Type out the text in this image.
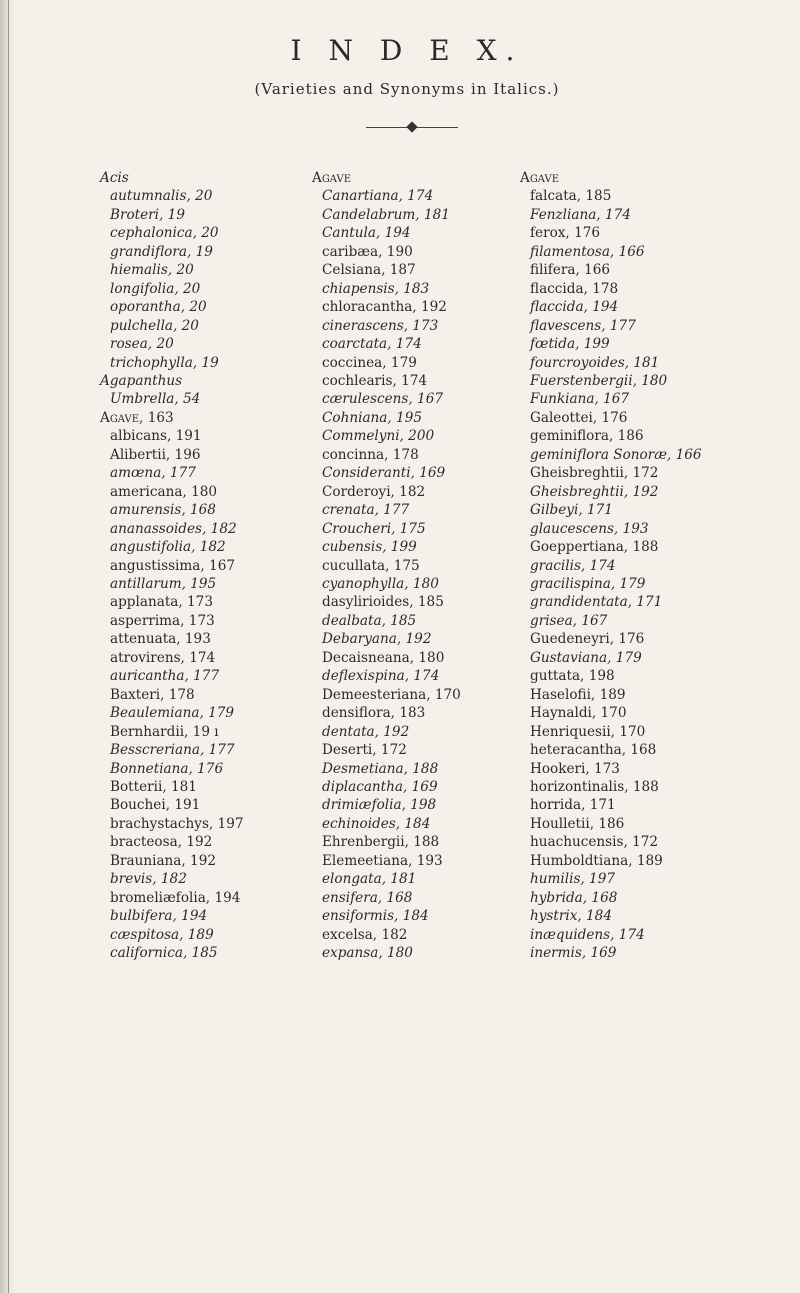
I N D E X.
(Varieties and Synonyms in Italics.)
Acis
autumnalis, 20
Broteri, 19
cephalonica, 20
grandiflora, 19
hiemalis, 20
longifolia, 20
oporantha, 20
pulchella, 20
rosea, 20
trichophylla, 19
Agapanthus
Umbrella, 54
Agave, 163
albicans, 191
Alibertii, 196
amœna, 177
americana, 180
amurensis, 168
ananassoides, 182
angustifolia, 182
angustissima, 167
antillarum, 195
applanata, 173
asperrima, 173
attenuata, 193
atrovirens, 174
auricantha, 177
Baxteri, 178
Beaulemiana, 179
Bernhardii, 19 ı
Besscreriana, 177
Bonnetiana, 176
Botterii, 181
Bouchei, 191
brachystachys, 197
bracteosa, 192
Brauniana, 192
brevis, 182
bromeliæfolia, 194
bulbifera, 194
cæspitosa, 189
californica, 185
Agave
Canartiana, 174
Candelabrum, 181
Cantula, 194
caribæa, 190
Celsiana, 187
chiapensis, 183
chloracantha, 192
cinerascens, 173
coarctata, 174
coccinea, 179
cochlearis, 174
cærulescens, 167
Cohniana, 195
Commelyni, 200
concinna, 178
Consideranti, 169
Corderoyi, 182
crenata, 177
Croucheri, 175
cubensis, 199
cucullata, 175
cyanophylla, 180
dasylirioides, 185
dealbata, 185
Debaryana, 192
Decaisneana, 180
deflexispina, 174
Demeesteriana, 170
densiflora, 183
dentata, 192
Deserti, 172
Desmetiana, 188
diplacantha, 169
drimiæfolia, 198
echinoides, 184
Ehrenbergii, 188
Elemeetiana, 193
elongata, 181
ensifera, 168
ensiformis, 184
excelsa, 182
expansa, 180
Agave
falcata, 185
Fenzliana, 174
ferox, 176
filamentosa, 166
filifera, 166
flaccida, 178
flaccida, 194
flavescens, 177
fœtida, 199
fourcroyoides, 181
Fuerstenbergii, 180
Funkiana, 167
Galeottei, 176
geminiflora, 186
geminiflora Sonoræ, 166
Gheisbreghtii, 172
Gheisbreghtii, 192
Gilbeyi, 171
glaucescens, 193
Goeppertiana, 188
gracilis, 174
gracilispina, 179
grandidentata, 171
grisea, 167
Guedeneyri, 176
Gustaviana, 179
guttata, 198
Haselofii, 189
Haynaldi, 170
Henriquesii, 170
heteracantha, 168
Hookeri, 173
horizontinalis, 188
horrida, 171
Houlletii, 186
huachucensis, 172
Humboldtiana, 189
humilis, 197
hybrida, 168
hystrix, 184
inæquidens, 174
inermis, 169
